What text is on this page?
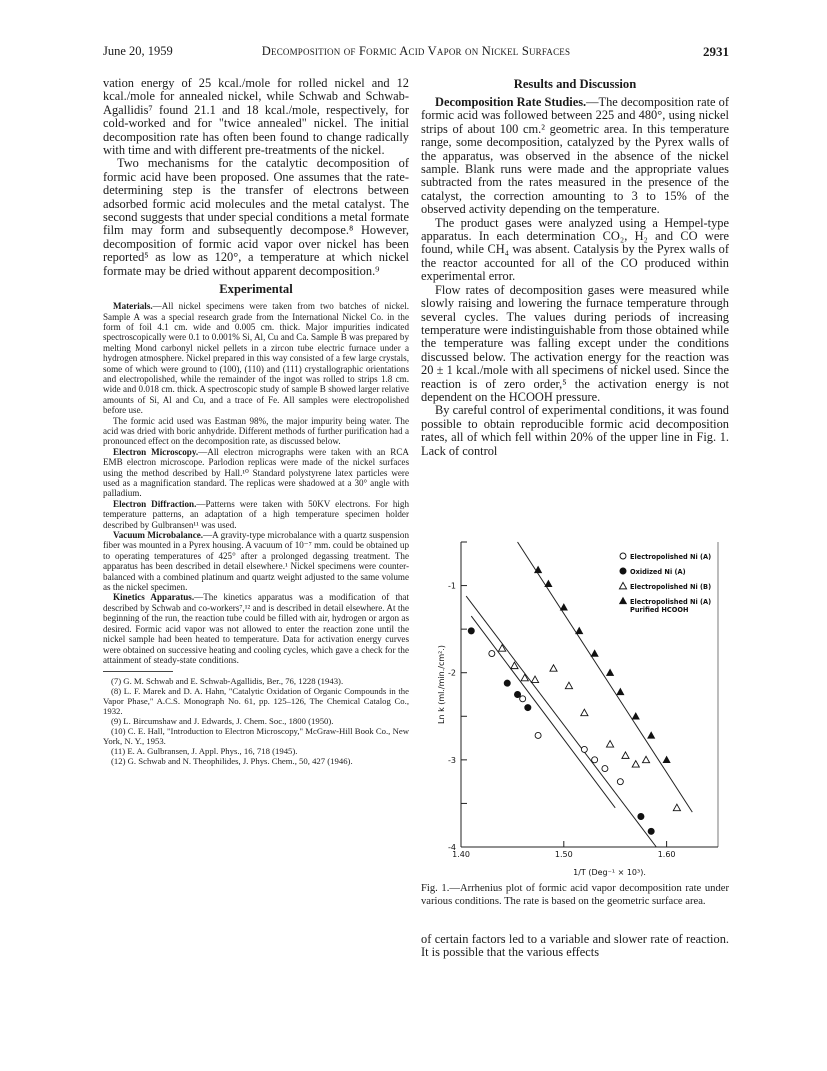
June 20, 1959	Decomposition of Formic Acid Vapor on Nickel Surfaces	2931

vation energy of 25 kcal./mole for rolled nickel and 12 kcal./mole for annealed nickel, while Schwab and Schwab-Agallidis⁷ found 21.1 and 18 kcal./mole, respectively, for cold-worked and for "twice annealed" nickel. The initial decomposition rate has often been found to change radically with time and with different pre-treatments of the nickel.

Two mechanisms for the catalytic decomposition of formic acid have been proposed. One assumes that the rate-determining step is the transfer of electrons between adsorbed formic acid molecules and the metal catalyst. The second suggests that under special conditions a metal formate film may form and subsequently decompose.⁸ However, decomposition of formic acid vapor over nickel has been reported⁵ as low as 120°, a temperature at which nickel formate may be dried without apparent decomposition.⁹

Experimental

Materials.—All nickel specimens were taken from two batches of nickel. Sample A was a special research grade from the International Nickel Co. in the form of foil 4.1 cm. wide and 0.005 cm. thick. Major impurities indicated spectroscopically were 0.1 to 0.001% Si, Al, Cu and Ca. Sample B was prepared by melting Mond carbonyl nickel pellets in a zircon tube electric furnace under a hydrogen atmosphere. Nickel prepared in this way consisted of a few large crystals, some of which were ground to (100), (110) and (111) crystallographic orientations and electropolished, while the remainder of the ingot was rolled to strips 1.8 cm. wide and 0.018 cm. thick. A spectroscopic study of sample B showed larger relative amounts of Si, Al and Cu, and a trace of Fe. All samples were electropolished before use.

The formic acid used was Eastman 98%, the major impurity being water. The acid was dried with boric anhydride. Different methods of further purification had a pronounced effect on the decomposition rate, as discussed below.

Electron Microscopy.—All electron micrographs were taken with an RCA EMB electron microscope. Parlodion replicas were made of the nickel surfaces using the method described by Hall.¹⁰ Standard polystyrene latex particles were used as a magnification standard. The replicas were shadowed at a 30° angle with palladium.

Electron Diffraction.—Patterns were taken with 50KV electrons. For high temperature patterns, an adaptation of a high temperature specimen holder described by Gulbransen¹¹ was used.

Vacuum Microbalance.—A gravity-type microbalance with a quartz suspension fiber was mounted in a Pyrex housing. A vacuum of 10⁻⁷ mm. could be obtained up to operating temperatures of 425° after a prolonged degassing treatment. The apparatus has been described in detail elsewhere.¹ Nickel specimens were counter-balanced with a combined platinum and quartz weight adjusted to the same volume as the nickel specimen.

Kinetics Apparatus.—The kinetics apparatus was a modification of that described by Schwab and co-workers⁷,¹² and is described in detail elsewhere. At the beginning of the run, the reaction tube could be filled with air, hydrogen or argon as desired. Formic acid vapor was not allowed to enter the reaction zone until the nickel sample had been heated to temperature. Data for activation energy curves were obtained on successive heating and cooling cycles, which gave a check for the attainment of steady-state conditions.

(7) G. M. Schwab and E. Schwab-Agallidis, Ber., 76, 1228 (1943).

(8) L. F. Marek and D. A. Hahn, "Catalytic Oxidation of Organic Compounds in the Vapor Phase," A.C.S. Monograph No. 61, pp. 125–126, The Chemical Catalog Co., 1932.

(9) L. Bircumshaw and J. Edwards, J. Chem. Soc., 1800 (1950).

(10) C. E. Hall, "Introduction to Electron Microscopy," McGraw-Hill Book Co., New York, N. Y., 1953.

(11) E. A. Gulbransen, J. Appl. Phys., 16, 718 (1945).

(12) G. Schwab and N. Theophilides, J. Phys. Chem., 50, 427 (1946).

Results and Discussion

Decomposition Rate Studies.—The decomposition rate of formic acid was followed between 225 and 480°, using nickel strips of about 100 cm.² geometric area. In this temperature range, some decomposition, catalyzed by the Pyrex walls of the apparatus, was observed in the absence of the nickel sample. Blank runs were made and the appropriate values subtracted from the rates measured in the presence of the catalyst, the correction amounting to 3 to 15% of the observed activity depending on the temperature.

The product gases were analyzed using a Hempel-type apparatus. In each determination CO₂, H₂ and CO were found, while CH₄ was absent. Catalysis by the Pyrex walls of the reactor accounted for all of the CO produced within experimental error.

Flow rates of decomposition gases were measured while slowly raising and lowering the furnace temperature through several cycles. The values during periods of increasing temperature were indistinguishable from those obtained while the temperature was falling except under the conditions discussed below. The activation energy for the reaction was 20 ± 1 kcal./mole with all specimens of nickel used. Since the reaction is of zero order,⁵ the activation energy is not dependent on the HCOOH pressure.

By careful control of experimental conditions, it was found possible to obtain reproducible formic acid decomposition rates, all of which fell within 20% of the upper line in Fig. 1. Lack of control

-1
-2
-3
-4
1.40	1.50	1.60
1/T (Deg⁻¹ × 10³).
Ln k (ml./min./cm².)
Electropolished Ni (A)
Oxidized Ni (A)
Electropolished Ni (B)
Electropolished Ni (A)
Purified HCOOH
Fig. 1.—Arrhenius plot of formic acid vapor decomposition rate under various conditions. The rate is based on the geometric surface area.

of certain factors led to a variable and slower rate of reaction. It is possible that the various effects
